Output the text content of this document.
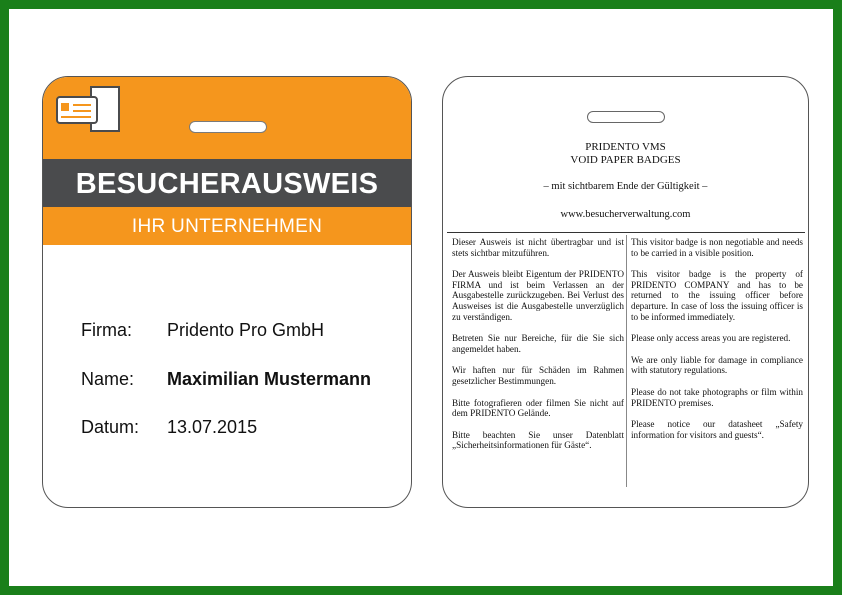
BESUCHERAUSWEIS
IHR UNTERNEHMEN
Firma:	Pridento Pro GmbH
Name:	Maximilian Mustermann
Datum:	13.07.2015
PRIDENTO VMS
VOID PAPER BADGES
– mit sichtbarem Ende der Gültigkeit –
www.besucherverwaltung.com

Dieser Ausweis ist nicht übertragbar und ist stets sichtbar mitzuführen.

Der Ausweis bleibt Eigentum der PRIDENTO FIRMA und ist beim Verlassen an der Ausgabestelle zurückzugeben. Bei Verlust des Ausweises ist die Ausgabestelle unverzüglich zu verständigen.

Betreten Sie nur Bereiche, für die Sie sich angemeldet haben.

Wir haften nur für Schäden im Rahmen gesetzlicher Bestimmungen.

Bitte fotografieren oder filmen Sie nicht auf dem PRIDENTO Gelände.

Bitte beachten Sie unser Datenblatt „Sicherheitsinformationen für Gäste“.

This visitor badge is non negotiable and needs to be carried in a visible position.

This visitor badge is the property of PRIDENTO COMPANY and has to be returned to the issuing officer before departure. In case of loss the issuing officer is to be informed immediately.

Please only access areas you are registered.

We are only liable for damage in compliance with statutory regulations.

Please do not take photographs or film within PRIDENTO premises.

Please notice our datasheet „Safety information for visitors and guests“.
